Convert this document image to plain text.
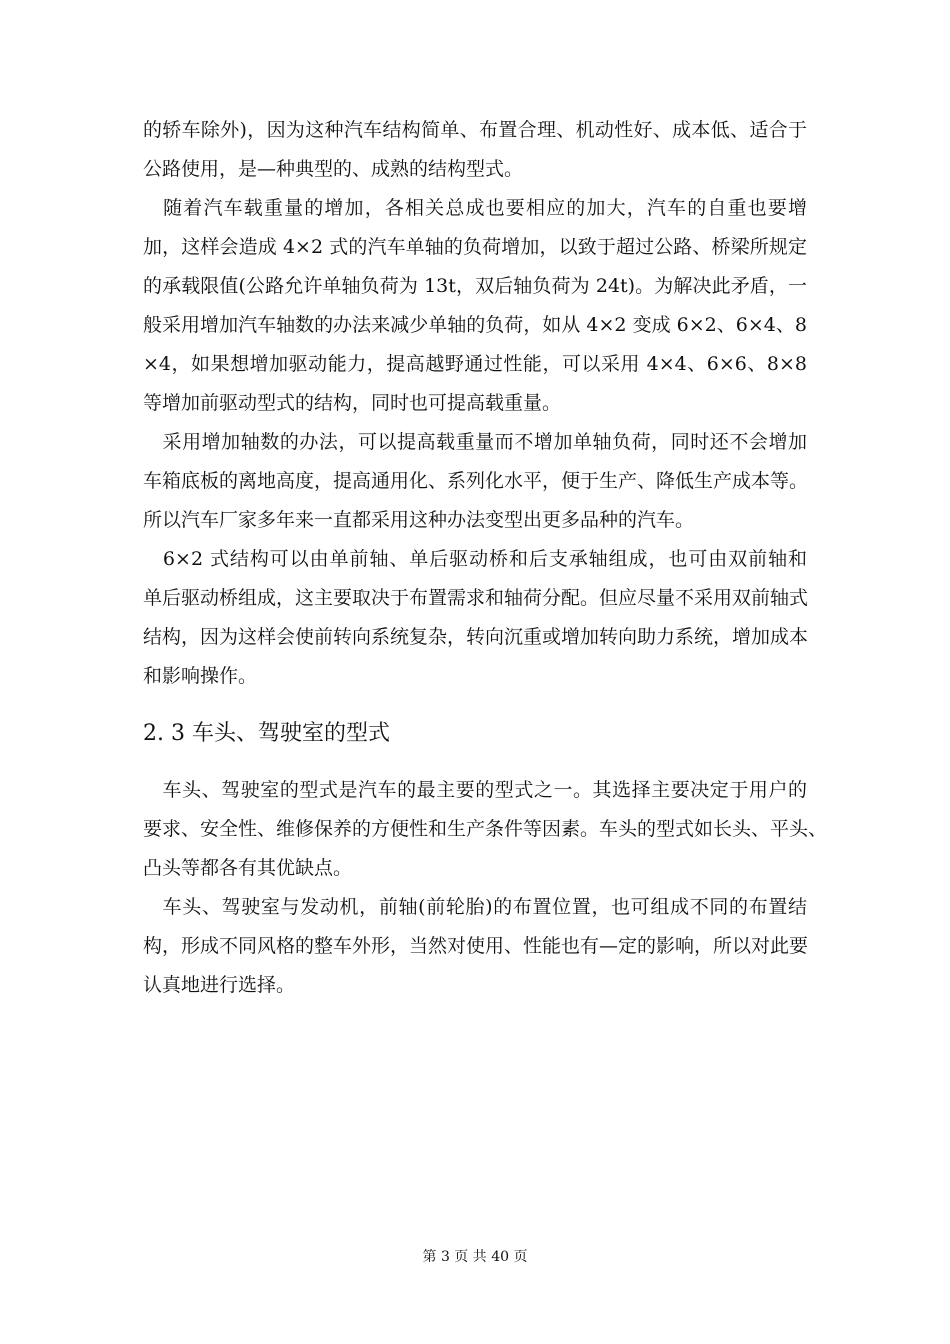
的轿车除外)，因为这种汽车结构简单、布置合理、机动性好、成本低、适合于
公路使用，是—种典型的、成熟的结构型式。
　随着汽车载重量的增加，各相关总成也要相应的加大，汽车的自重也要增
加，这样会造成 4×2 式的汽车单轴的负荷增加，以致于超过公路、桥梁所规定
的承载限值(公路允许单轴负荷为 13t，双后轴负荷为 24t)。为解决此矛盾，一
般采用增加汽车轴数的办法来减少单轴的负荷，如从 4×2 变成 6×2、6×4、8
×4，如果想增加驱动能力，提高越野通过性能，可以采用 4×4、6×6、8×8
等增加前驱动型式的结构，同时也可提高载重量。
　采用增加轴数的办法，可以提高载重量而不增加单轴负荷，同时还不会增加
车箱底板的离地高度，提高通用化、系列化水平，便于生产、降低生产成本等。
所以汽车厂家多年来一直都采用这种办法变型出更多品种的汽车。
　6×2 式结构可以由单前轴、单后驱动桥和后支承轴组成，也可由双前轴和
单后驱动桥组成，这主要取决于布置需求和轴荷分配。但应尽量不采用双前轴式
结构，因为这样会使前转向系统复杂，转向沉重或增加转向助力系统，增加成本
和影响操作。
2. 3 车头、驾驶室的型式
　车头、驾驶室的型式是汽车的最主要的型式之一。其选择主要决定于用户的
要求、安全性、维修保养的方便性和生产条件等因素。车头的型式如长头、平头、
凸头等都各有其优缺点。
　车头、驾驶室与发动机，前轴(前轮胎)的布置位置，也可组成不同的布置结
构，形成不同风格的整车外形，当然对使用、性能也有—定的影响，所以对此要
认真地进行选择。
第 3 页 共 40 页
